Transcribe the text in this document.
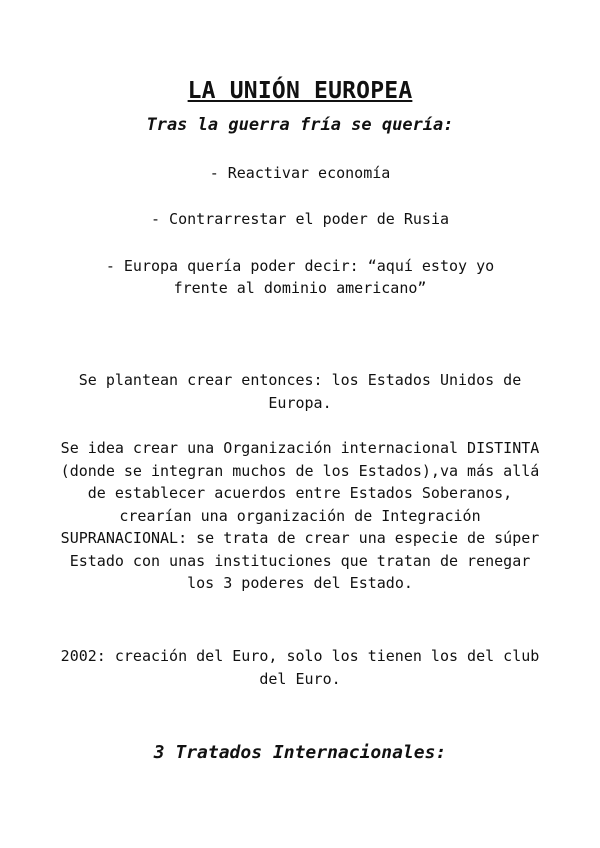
LA UNIÓN EUROPEA
Tras la guerra fría se quería:
- Reactivar economía
- Contrarrestar el poder de Rusia
- Europa quería poder decir: “aquí estoy yo frente al dominio americano”
Se plantean crear entonces: los Estados Unidos de Europa.
Se idea crear una Organización internacional DISTINTA (donde se integran muchos de los Estados),va más allá de establecer acuerdos entre Estados Soberanos, crearían una organización de Integración SUPRANACIONAL: se trata de crear una especie de súper Estado con unas instituciones que tratan de renegar los 3 poderes del Estado.
2002: creación del Euro, solo los tienen los del club del Euro.
3 Tratados Internacionales:
